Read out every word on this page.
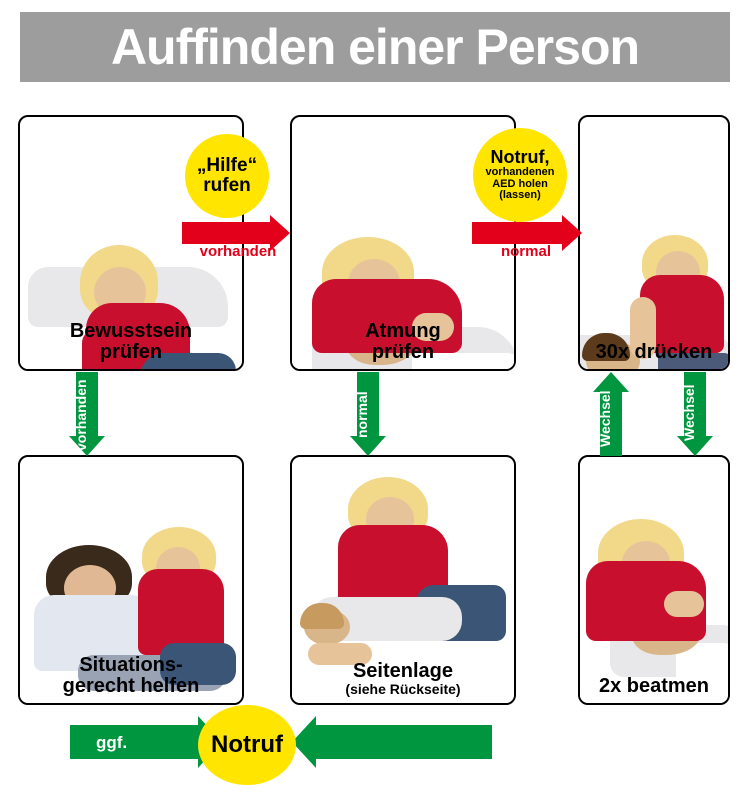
Auffinden einer Person
Bewusstsein
prüfen
Atmung
prüfen	30x drücken
Situations-
gerecht helfen
Seitenlage
(siehe Rückseite)	2x beatmen
nicht
vorhanden
nicht
normal
„Hilfe“
rufen
Notruf,
vorhandenen
AED holen
(lassen)
vorhanden	normal	Wechsel	Wechsel
ggf.	Notruf
